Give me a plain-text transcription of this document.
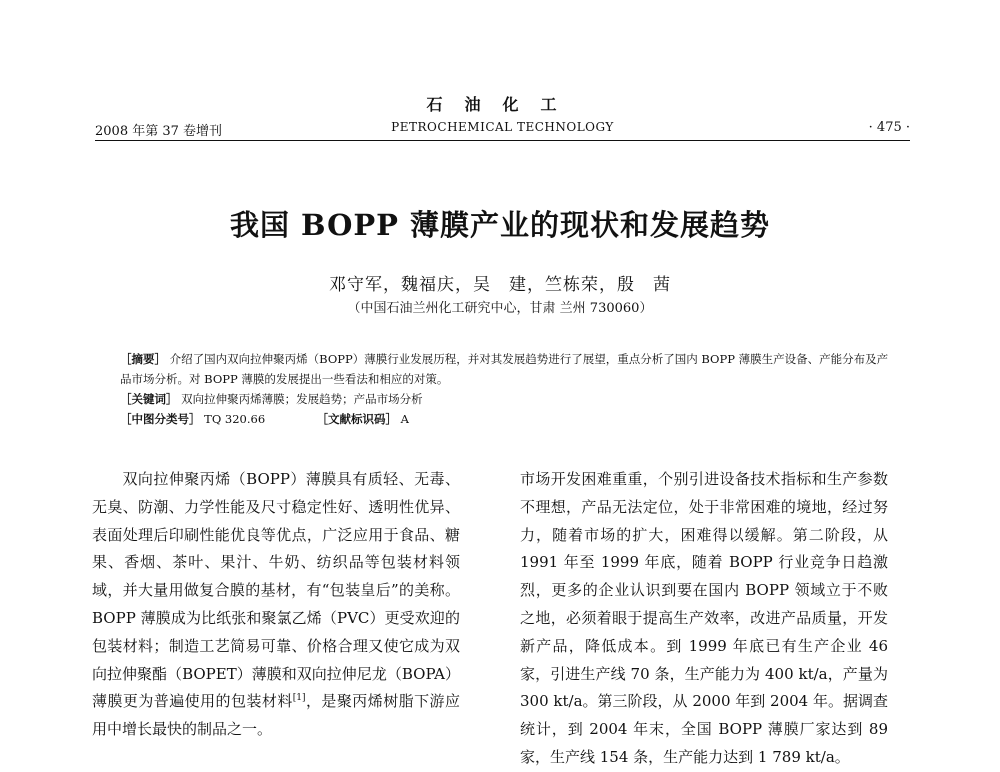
石油化工
2008 年第 37 卷增刊	PETROCHEMICAL TECHNOLOGY	· 475 ·
我国 BOPP 薄膜产业的现状和发展趋势
邓守军，魏福庆，吴　建，竺栋荣，殷　茜
（中国石油兰州化工研究中心，甘肃 兰州 730060）

［摘要］ 介绍了国内双向拉伸聚丙烯（BOPP）薄膜行业发展历程，并对其发展趋势进行了展望，重点分析了国内 BOPP 薄膜生产设备、产能分布及产品市场分析。对 BOPP 薄膜的发展提出一些看法和相应的对策。

［关键词］ 双向拉伸聚丙烯薄膜；发展趋势；产品市场分析

［中图分类号］ TQ 320.66	［文献标识码］ A

双向拉伸聚丙烯（BOPP）薄膜具有质轻、无毒、无臭、防潮、力学性能及尺寸稳定性好、透明性优异、表面处理后印刷性能优良等优点，广泛应用于食品、糖果、香烟、茶叶、果汁、牛奶、纺织品等包装材料领域，并大量用做复合膜的基材，有“包装皇后”的美称。BOPP 薄膜成为比纸张和聚氯乙烯（PVC）更受欢迎的包装材料；制造工艺简易可靠、价格合理又使它成为双向拉伸聚酯（BOPET）薄膜和双向拉伸尼龙（BOPA）薄膜更为普遍使用的包装材料[1]，是聚丙烯树脂下游应用中增长最快的制品之一。

市场开发困难重重，个别引进设备技术指标和生产参数不理想，产品无法定位，处于非常困难的境地，经过努力，随着市场的扩大，困难得以缓解。第二阶段，从 1991 年至 1999 年底，随着 BOPP 行业竞争日趋激烈，更多的企业认识到要在国内 BOPP 领域立于不败之地，必须着眼于提高生产效率，改进产品质量，开发新产品，降低成本。到 1999 年底已有生产企业 46 家，引进生产线 70 条，生产能力为 400 kt/a，产量为 300 kt/a。第三阶段，从 2000 年到 2004 年。据调查统计，到 2004 年末，全国 BOPP 薄膜厂家达到 89 家，生产线 154 条，生产能力达到 1 789 kt/a。
